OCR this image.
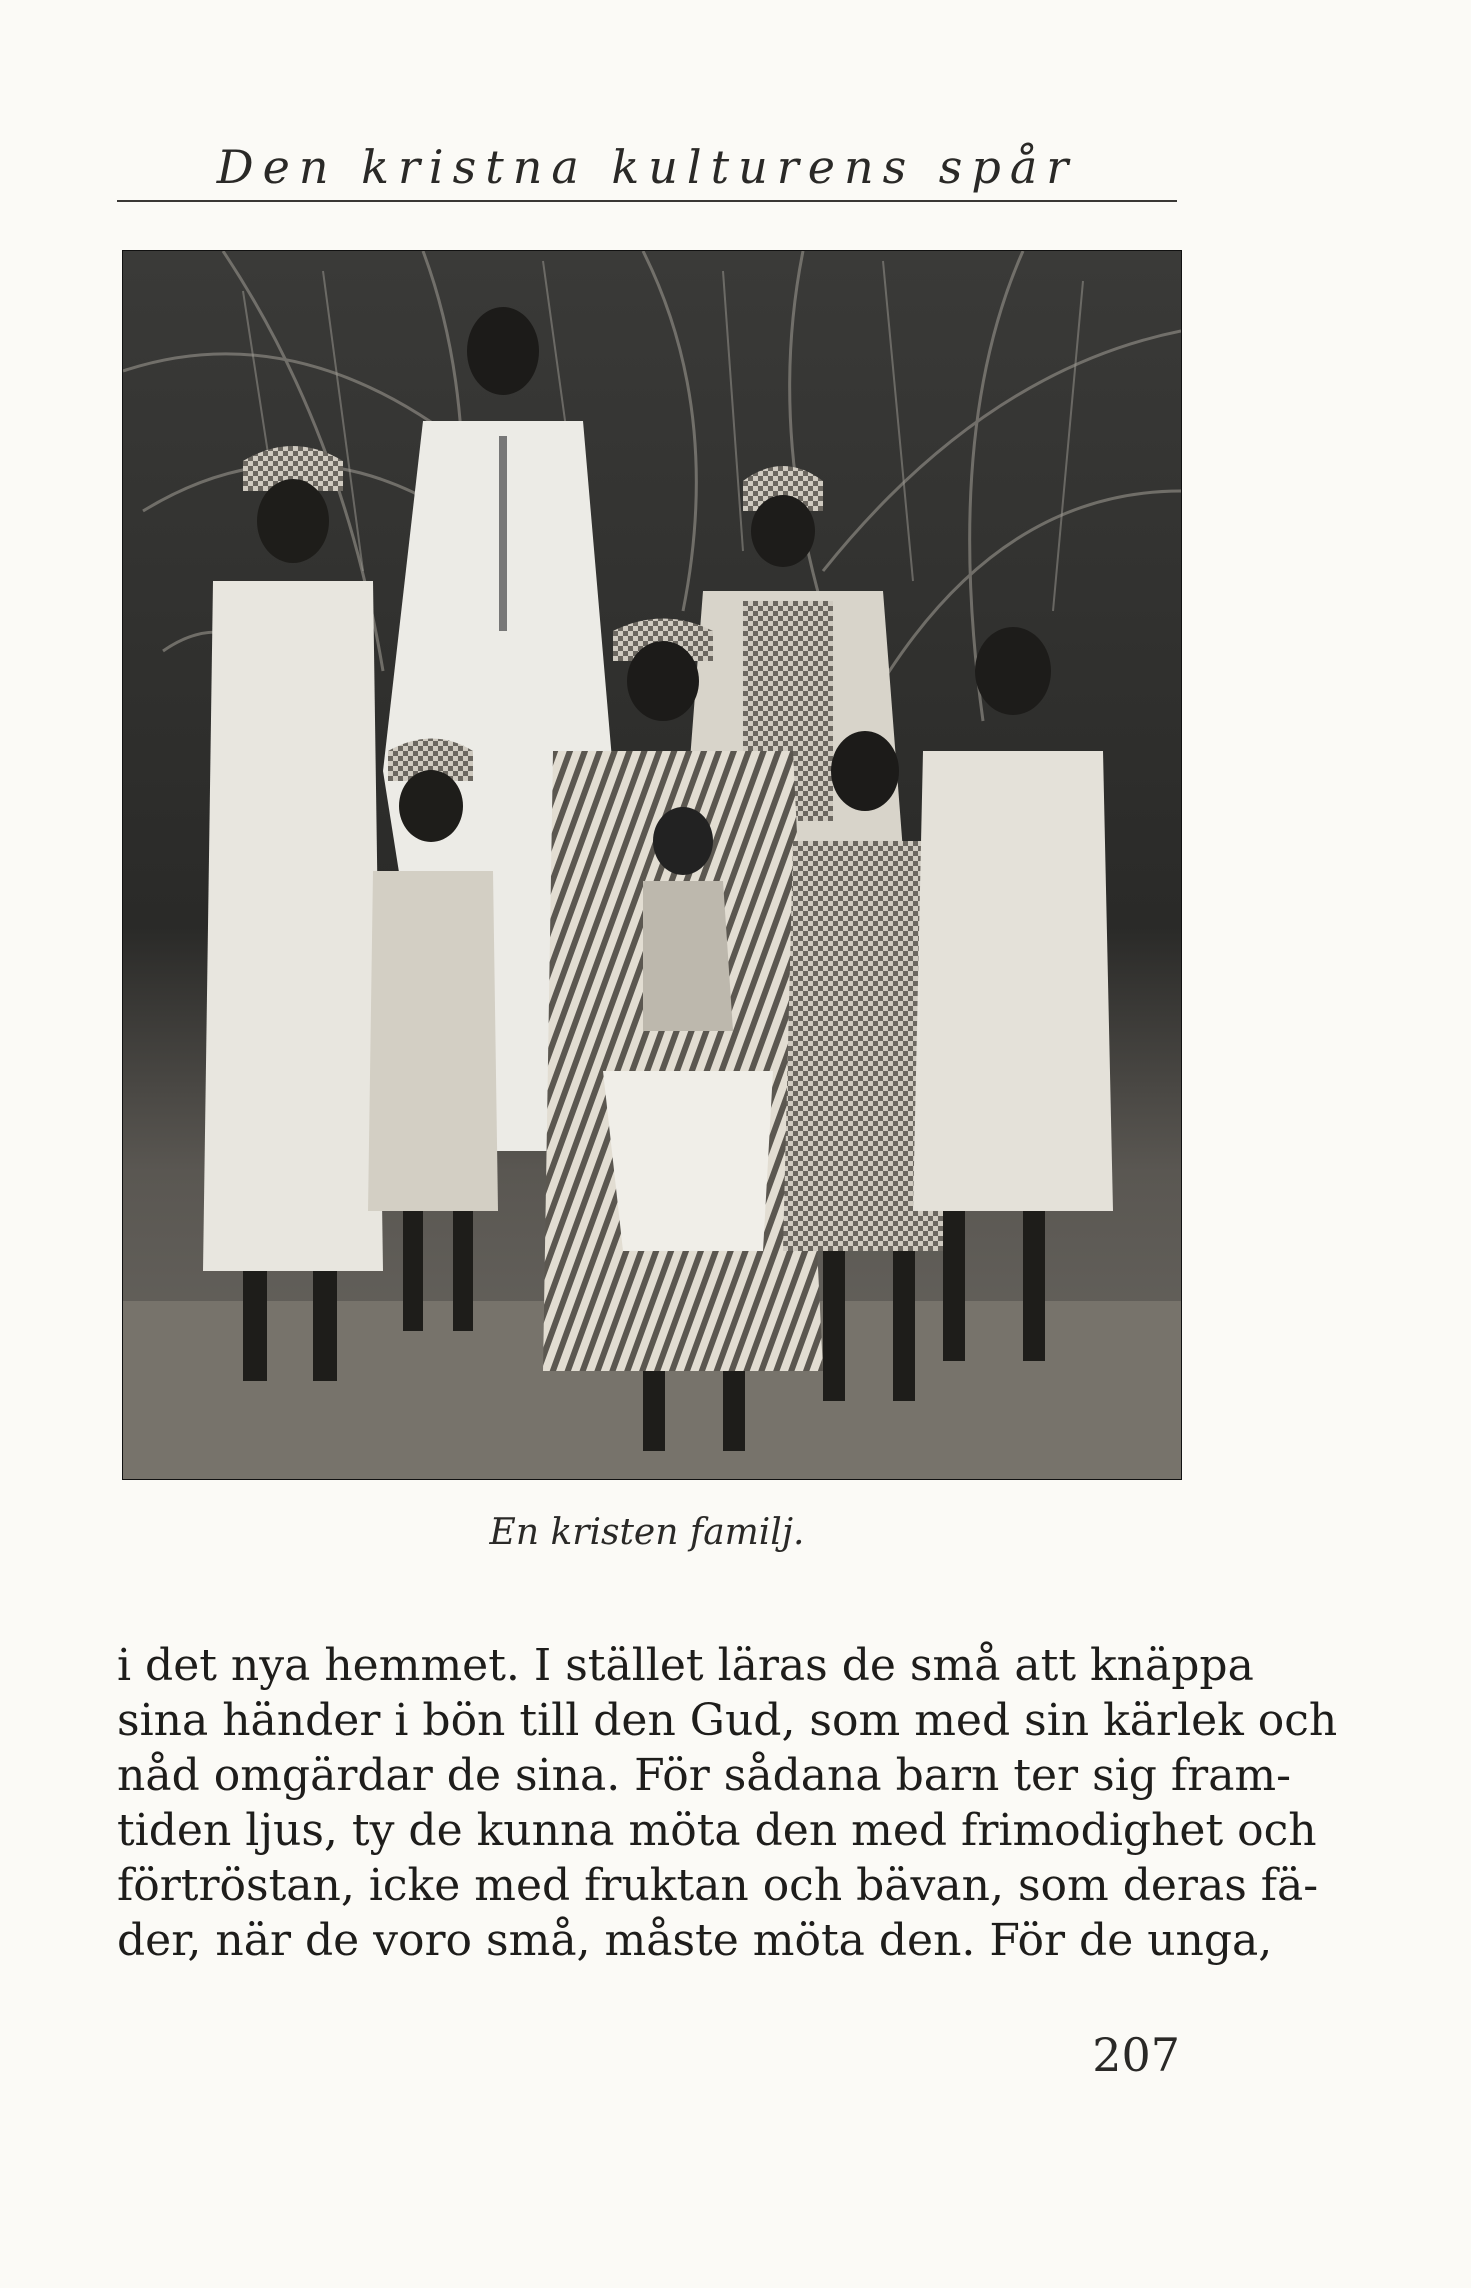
Den kristna kulturens spår
En kristen familj.
i det nya hemmet. I stället läras de små att knäppa
sina händer i bön till den Gud, som med sin kärlek och
nåd omgärdar de sina. För sådana barn ter sig fram-
tiden ljus, ty de kunna möta den med frimodighet och
förtröstan, icke med fruktan och bävan, som deras fä-
der, när de voro små, måste möta den. För de unga,
207
